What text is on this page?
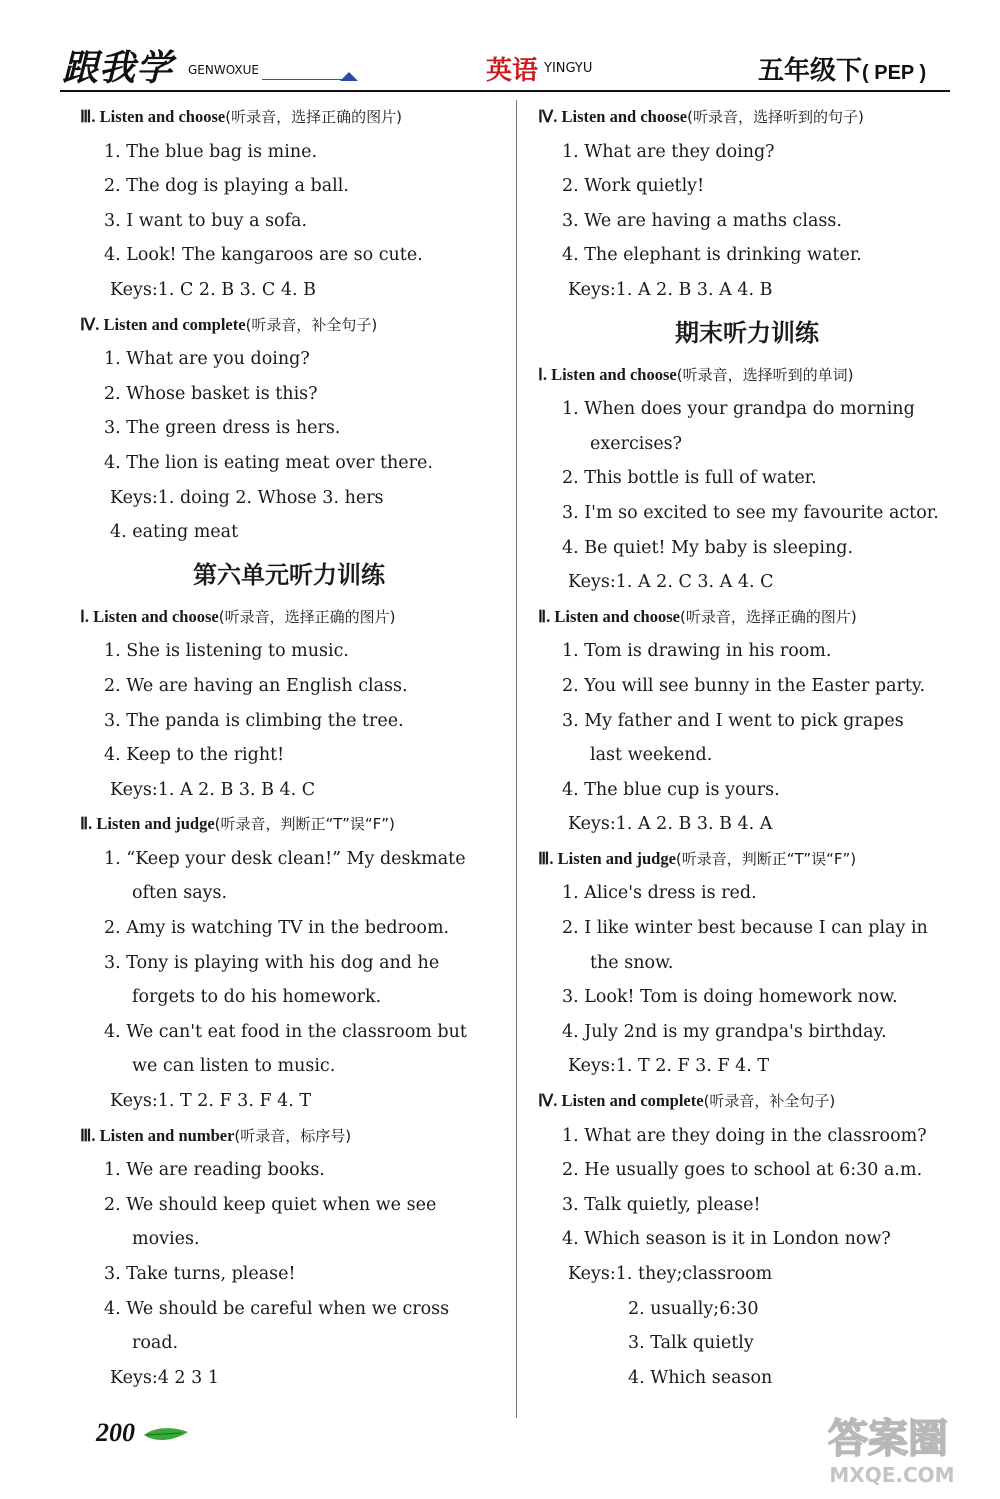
跟我学 GENWOXUE	英语 YINGYU	五年级下( PEP )
Ⅲ. Listen and choose(听录音，选择正确的图片)
1. The blue bag is mine.
2. The dog is playing a ball.
3. I want to buy a sofa.
4. Look! The kangaroos are so cute.
Keys:1. C 2. B 3. C 4. B
Ⅳ. Listen and complete(听录音，补全句子)
1. What are you doing?
2. Whose basket is this?
3. The green dress is hers.
4. The lion is eating meat over there.
Keys:1. doing 2. Whose 3. hers
4. eating meat
第六单元听力训练
Ⅰ. Listen and choose(听录音，选择正确的图片)
1. She is listening to music.
2. We are having an English class.
3. The panda is climbing the tree.
4. Keep to the right!
Keys:1. A 2. B 3. B 4. C
Ⅱ. Listen and judge(听录音，判断正“T”误“F”)
1. “Keep your desk clean!” My deskmate
often says.
2. Amy is watching TV in the bedroom.
3. Tony is playing with his dog and he
forgets to do his homework.
4. We can't eat food in the classroom but
we can listen to music.
Keys:1. T 2. F 3. F 4. T
Ⅲ. Listen and number(听录音，标序号)
1. We are reading books.
2. We should keep quiet when we see
movies.
3. Take turns, please!
4. We should be careful when we cross
road.
Keys:4 2 3 1
Ⅳ. Listen and choose(听录音，选择听到的句子)
1. What are they doing?
2. Work quietly!
3. We are having a maths class.
4. The elephant is drinking water.
Keys:1. A 2. B 3. A 4. B
期末听力训练
Ⅰ. Listen and choose(听录音，选择听到的单词)
1. When does your grandpa do morning
exercises?
2. This bottle is full of water.
3. I'm so excited to see my favourite actor.
4. Be quiet! My baby is sleeping.
Keys:1. A 2. C 3. A 4. C
Ⅱ. Listen and choose(听录音，选择正确的图片)
1. Tom is drawing in his room.
2. You will see bunny in the Easter party.
3. My father and I went to pick grapes
last weekend.
4. The blue cup is yours.
Keys:1. A 2. B 3. B 4. A
Ⅲ. Listen and judge(听录音，判断正“T”误“F”)
1. Alice's dress is red.
2. I like winter best because I can play in
the snow.
3. Look! Tom is doing homework now.
4. July 2nd is my grandpa's birthday.
Keys:1. T 2. F 3. F 4. T
Ⅳ. Listen and complete(听录音，补全句子)
1. What are they doing in the classroom?
2. He usually goes to school at 6:30 a.m.
3. Talk quietly, please!
4. Which season is it in London now?
Keys:1. they;classroom
2. usually;6:30
3. Talk quietly
4. Which season
200	答案圈
MXQE.COM
